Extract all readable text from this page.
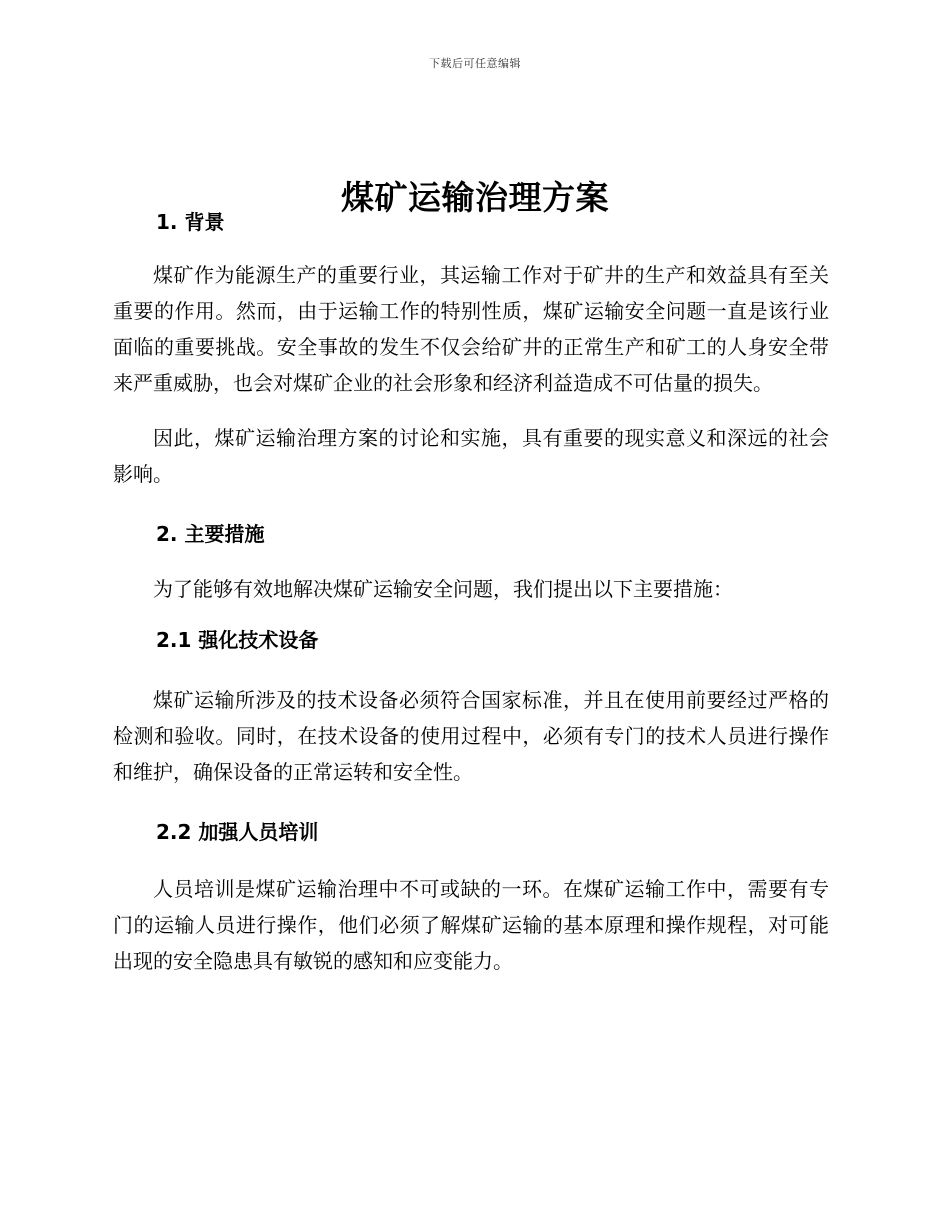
下载后可任意编辑
煤矿运输治理方案
1. 背景

煤矿作为能源生产的重要行业，其运输工作对于矿井的生产和效益具有至关重要的作用。然而，由于运输工作的特别性质，煤矿运输安全问题一直是该行业面临的重要挑战。安全事故的发生不仅会给矿井的正常生产和矿工的人身安全带来严重威胁，也会对煤矿企业的社会形象和经济利益造成不可估量的损失。

因此，煤矿运输治理方案的讨论和实施，具有重要的现实意义和深远的社会影响。

2. 主要措施

为了能够有效地解决煤矿运输安全问题，我们提出以下主要措施：

2.1 强化技术设备

煤矿运输所涉及的技术设备必须符合国家标准，并且在使用前要经过严格的检测和验收。同时，在技术设备的使用过程中，必须有专门的技术人员进行操作和维护，确保设备的正常运转和安全性。

2.2 加强人员培训

人员培训是煤矿运输治理中不可或缺的一环。在煤矿运输工作中，需要有专门的运输人员进行操作，他们必须了解煤矿运输的基本原理和操作规程，对可能出现的安全隐患具有敏锐的感知和应变能力。
